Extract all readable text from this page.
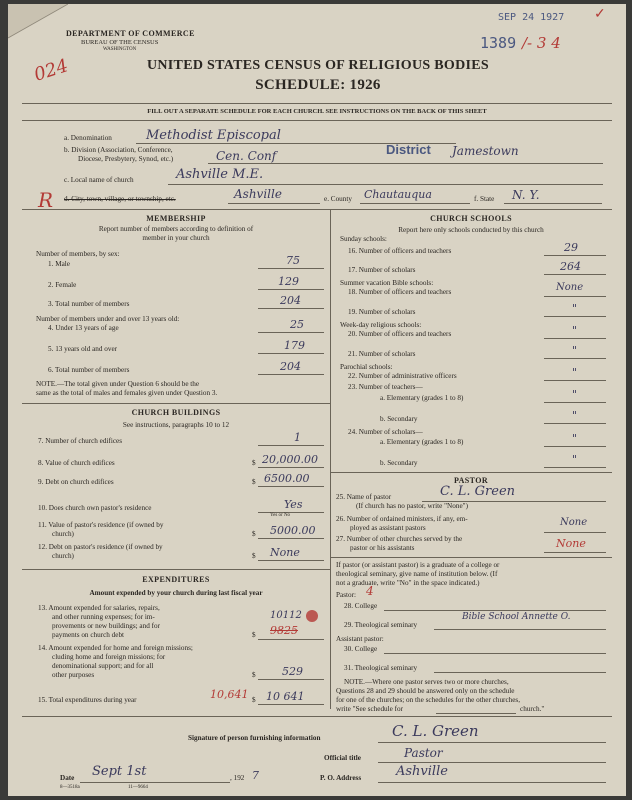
DEPARTMENT OF COMMERCE
BUREAU OF THE CENSUS
WASHINGTON
SEP 24 1927 ✓
1389 /- 3 4
024	UNITED STATES CENSUS OF RELIGIOUS BODIES
SCHEDULE: 1926
FILL OUT A SEPARATE SCHEDULE FOR EACH CHURCH. SEE INSTRUCTIONS ON THE BACK OF THIS SHEET
a. Denomination	Methodist Episcopal
b. Division (Association, Conference,
Diocese, Presbytery, Synod, etc.)	Cen. Conf	District Jamestown
c. Local name of church	Ashville M.E.
R d. City, town, village, or township, etc.	Ashville	e. County Chautauqua	f. State N. Y.
MEMBERSHIP
Report number of members according to definition of
member in your church
Number of members, by sex:
1. Male	75
2. Female	129
3. Total number of members	204
Number of members under and over 13 years old:
4. Under 13 years of age	25
5. 13 years old and over	179
6. Total number of members	204
NOTE.—The total given under Question 6 should be the
same as the total of males and females given under Question 3.
CHURCH BUILDINGS
See instructions, paragraphs 10 to 12
7. Number of church edifices	1
8. Value of church edifices	$ 20,000.00
9. Debt on church edifices	$ 6500.00
10. Does church own pastor's residence	Yes
Yes or No
11. Value of pastor's residence (if owned by
church)	$ 5000.00
12. Debt on pastor's residence (if owned by
church)	$ None
EXPENDITURES
Amount expended by your church during last fiscal year
13. Amount expended for salaries, repairs,
and other running expenses; for im-
provements or new buildings; and for
payments on church debt	$
10112
9825
14. Amount expended for home and foreign missions;
cluding home and foreign missions; for
denominational support; and for all
other purposes	$ 529
15. Total expenditures during year	$
10,641 10 641
CHURCH SCHOOLS
Report here only schools conducted by this church
Sunday schools:
16. Number of officers and teachers	29
17. Number of scholars	264
Summer vacation Bible schools:
18. Number of officers and teachers	None
19. Number of scholars	"
Week-day religious schools:
20. Number of officers and teachers	"
21. Number of scholars	"
Parochial schools:
22. Number of administrative officers	"
23. Number of teachers—
a. Elementary (grades 1 to 8)	"
b. Secondary	"
24. Number of scholars—
a. Elementary (grades 1 to 8)	"
b. Secondary	"
PASTOR
25. Name of pastor	C. L. Green
(If church has no pastor, write "None")
26. Number of ordained ministers, if any, em-
ployed as assistant pastors	None
27. Number of other churches served by the
pastor or his assistants	None
If pastor (or assistant pastor) is a graduate of a college or
theological seminary, give name of institution below. (If
not a graduate, write "No" in the space indicated.)
Pastor: 4
28. College
29. Theological seminary
Bible School Annette O.
Assistant pastor:
30. College
31. Theological seminary
NOTE.—Where one pastor serves two or more churches,
Questions 28 and 29 should be answered only on the schedule
for one of the churches; on the schedules for the other churches,
write "See schedule for	church."
Signature of person furnishing information	C. L. Green
Official title	Pastor
Date Sept 1st	, 192 7	P. O. Address	Ashville
8—3518a	11—9664
